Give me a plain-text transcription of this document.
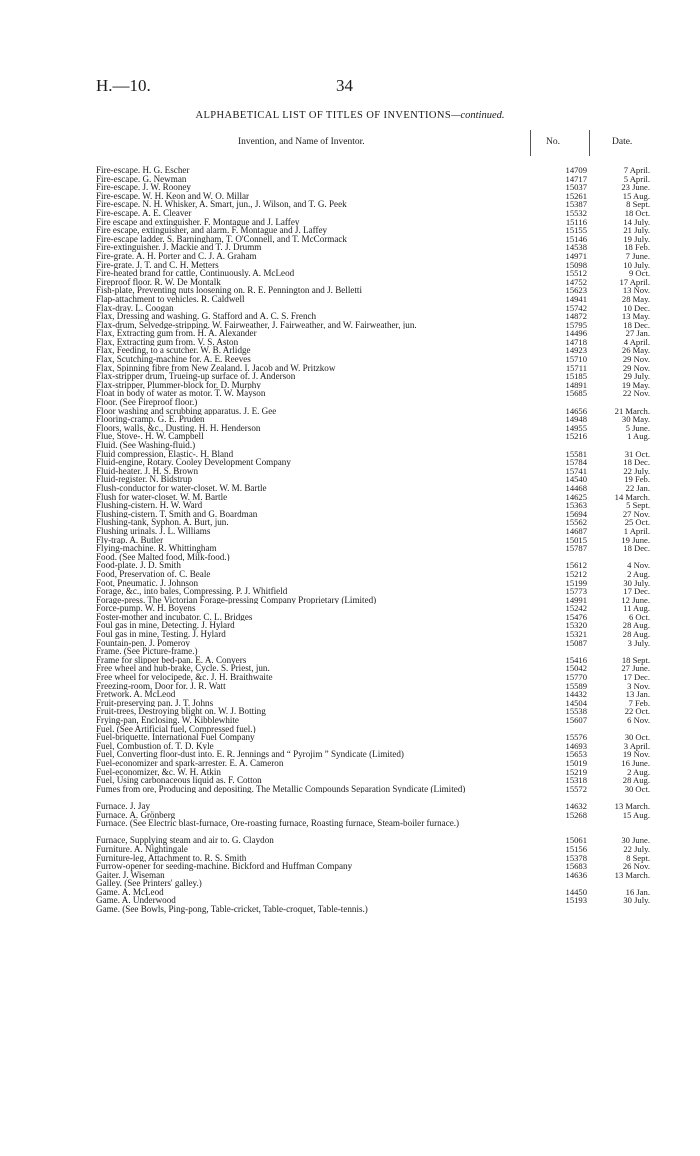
H.—10.	34
ALPHABETICAL LIST OF TITLES OF INVENTIONS—continued.
Invention, and Name of Inventor.	No.	Date.
Fire-escape. H. G. Escher	14709	7 April.
Fire-escape. G. Newman	14717	5 April.
Fire-escape. J. W. Rooney	15037	23 June.
Fire-escape. W. H. Keon and W. O. Millar	15261	15 Aug.
Fire-escape. N. H. Whisker, A. Smart, jun., J. Wilson, and T. G. Peek	15387	8 Sept.
Fire-escape. A. E. Cleaver	15532	18 Oct.
Fire escape and extinguisher. F. Montague and J. Laffey	15116	14 July.
Fire escape, extinguisher, and alarm. F. Montague and J. Laffey	15155	21 July.
Fire-escape ladder. S. Barningham, T. O'Connell, and T. McCormack	15146	19 July.
Fire-extinguisher. J. Mackie and T. J. Drumm	14538	18 Feb.
Fire-grate. A. H. Porter and C. J. A. Graham	14971	7 June.
Fire-grate. J. T. and C. H. Metters	15098	10 July.
Fire-heated brand for cattle, Continuously. A. McLeod	15512	9 Oct.
Fireproof floor. R. W. De Montalk	14752	17 April.
Fish-plate, Preventing nuts loosening on. R. E. Pennington and J. Belletti	15623	13 Nov.
Flap-attachment to vehicles. R. Caldwell	14941	28 May.
Flax-dray. L. Coogan	15742	10 Dec.
Flax, Dressing and washing. G. Stafford and A. C. S. French	14872	13 May.
Flax-drum, Selvedge-stripping. W. Fairweather, J. Fairweather, and W. Fairweather, jun.	15795	18 Dec.
Flax, Extracting gum from. H. A. Alexander	14496	27 Jan.
Flax, Extracting gum from. V. S. Aston	14718	4 April.
Flax, Feeding, to a scutcher. W. B. Arlidge	14923	26 May.
Flax, Scutching-machine for. A. E. Reeves	15710	29 Nov.
Flax, Spinning fibre from New Zealand. I. Jacob and W. Pritzkow	15711	29 Nov.
Flax-stripper drum, Trueing-up surface of. J. Anderson	15185	29 July.
Flax-stripper, Plummer-block for. D. Murphy	14891	19 May.
Float in body of water as motor. T. W. Mayson	15685	22 Nov.
Floor. (See Fireproof floor.)
Floor washing and scrubbing apparatus. J. E. Gee	14656	21 March.
Flooring-cramp. G. E. Pruden	14948	30 May.
Floors, walls, &c., Dusting. H. H. Henderson	14955	5 June.
Flue, Stove-. H. W. Campbell	15216	1 Aug.
Fluid. (See Washing-fluid.)
Fluid compression, Elastic-. H. Bland	15581	31 Oct.
Fluid-engine, Rotary. Cooley Development Company	15784	18 Dec.
Fluid-heater. J. H. S. Brown	15741	22 July.
Fluid-register. N. Bidstrup	14540	19 Feb.
Flush-conductor for water-closet. W. M. Bartle	14468	22 Jan.
Flush for water-closet. W. M. Bartle	14625	14 March.
Flushing-cistern. H. W. Ward	15363	5 Sept.
Flushing-cistern. T. Smith and G. Boardman	15694	27 Nov.
Flushing-tank, Syphon. A. Burt, jun.	15562	25 Oct.
Flushing urinals. J. L. Williams	14687	1 April.
Fly-trap. A. Butler	15015	19 June.
Flying-machine. R. Whittingham	15787	18 Dec.
Food. (See Malted food, Milk-food.)
Food-plate. J. D. Smith	15612	4 Nov.
Food, Preservation of. C. Beale	15212	2 Aug.
Foot, Pneumatic. J. Johnson	15199	30 July.
Forage, &c., into bales, Compressing. P. J. Whitfield	15773	17 Dec.
Forage-press. The Victorian Forage-pressing Company Proprietary (Limited)	14991	12 June.
Force-pump. W. H. Boyens	15242	11 Aug.
Foster-mother and incubator. C. L. Bridges	15476	6 Oct.
Foul gas in mine, Detecting. J. Hylard	15320	28 Aug.
Foul gas in mine, Testing. J. Hylard	15321	28 Aug.
Fountain-pen. J. Pomeroy	15087	3 July.
Frame. (See Picture-frame.)
Frame for slipper bed-pan. E. A. Conyers	15416	18 Sept.
Free wheel and hub-brake, Cycle. S. Priest, jun.	15042	27 June.
Free wheel for velocipede, &c. J. H. Braithwaite	15770	17 Dec.
Freezing-room, Door for. J. R. Watt	15589	3 Nov.
Fretwork. A. McLeod	14432	13 Jan.
Fruit-preserving pan. J. T. Johns	14504	7 Feb.
Fruit-trees, Destroying blight on. W. J. Botting	15538	22 Oct.
Frying-pan, Enclosing. W. Kibblewhite	15607	6 Nov.
Fuel. (See Artificial fuel, Compressed fuel.)
Fuel-briquette. International Fuel Company	15576	30 Oct.
Fuel, Combustion of. T. D. Kyle	14693	3 April.
Fuel, Converting floor-dust into. E. R. Jennings and “ Pyrojim ” Syndicate (Limited)	15653	19 Nov.
Fuel-economizer and spark-arrester. E. A. Cameron	15019	16 June.
Fuel-economizer, &c. W. H. Atkin	15219	2 Aug.
Fuel, Using carbonaceous liquid as. F. Cotton	15318	28 Aug.
Fumes from ore, Producing and depositing. The Metallic Compounds Separation Syndicate (Limited)	15572	30 Oct.
Furnace. J. Jay	14632	13 March.
Furnace. A. Grönberg	15268	15 Aug.
Furnace. (See Electric blast-furnace, Ore-roasting furnace, Roasting furnace, Steam-boiler furnace.)
Furnace, Supplying steam and air to. G. Claydon	15061	30 June.
Furniture. A. Nightingale	15156	22 July.
Furniture-leg, Attachment to. R. S. Smith	15378	8 Sept.
Furrow-opener for seeding-machine. Bickford and Huffman Company	15683	26 Nov.
Gaiter. J. Wiseman	14636	13 March.
Galley. (See Printers' galley.)
Game. A. McLeod	14450	16 Jan.
Game. A. Underwood	15193	30 July.
Game. (See Bowls, Ping-pong, Table-cricket, Table-croquet, Table-tennis.)
